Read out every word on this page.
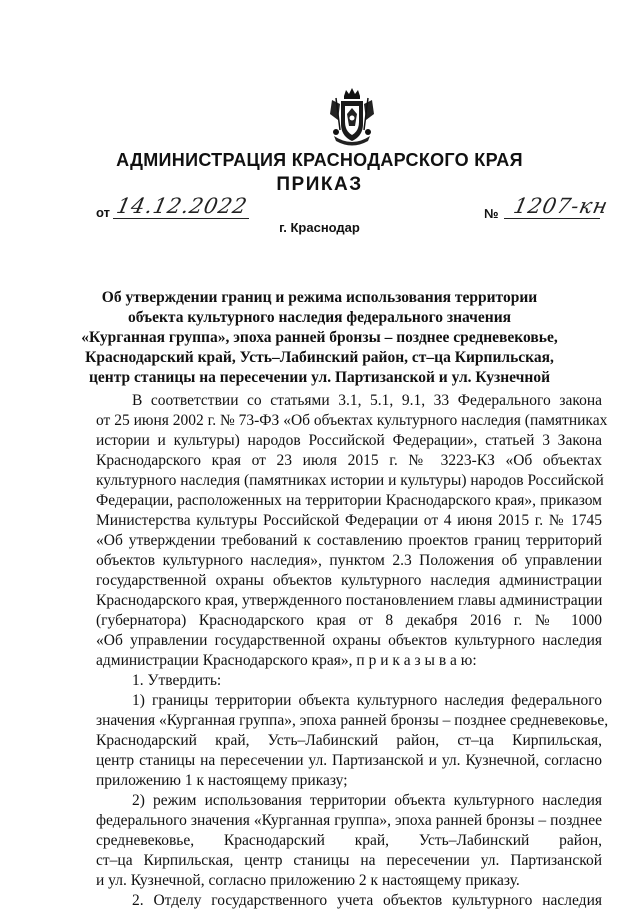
АДМИНИСТРАЦИЯ КРАСНОДАРСКОГО КРАЯ
ПРИКАЗ
от 14.12.2022
г. Краснодар
№ 1207-кн
Об утверждении границ и режима использования территории
объекта культурного наследия федерального значения
«Курганная группа», эпоха ранней бронзы – позднее средневековье,
Краснодарский край, Усть–Лабинский район, ст–ца Кирпильская,
центр станицы на пересечении ул. Партизанской и ул. Кузнечной
В соответствии со статьями 3.1, 5.1, 9.1, 33 Федерального закона
от 25 июня 2002 г. № 73-ФЗ «Об объектах культурного наследия (памятниках
истории и культуры) народов Российской Федерации», статьей 3 Закона
Краснодарского края от 23 июля 2015 г. № 3223-КЗ «Об объектах
культурного наследия (памятниках истории и культуры) народов Российской
Федерации, расположенных на территории Краснодарского края», приказом
Министерства культуры Российской Федерации от 4 июня 2015 г. № 1745
«Об утверждении требований к составлению проектов границ территорий
объектов культурного наследия», пунктом 2.3 Положения об управлении
государственной охраны объектов культурного наследия администрации
Краснодарского края, утвержденного постановлением главы администрации
(губернатора) Краснодарского края от 8 декабря 2016 г. № 1000
«Об управлении государственной охраны объектов культурного наследия
администрации Краснодарского края», п р и к а з ы в а ю:
1. Утвердить:
1) границы территории объекта культурного наследия федерального
значения «Курганная группа», эпоха ранней бронзы – позднее средневековье,
Краснодарский край, Усть–Лабинский район, ст–ца Кирпильская,
центр станицы на пересечении ул. Партизанской и ул. Кузнечной, согласно
приложению 1 к настоящему приказу;
2) режим использования территории объекта культурного наследия
федерального значения «Курганная группа», эпоха ранней бронзы – позднее
средневековье, Краснодарский край, Усть–Лабинский район,
ст–ца Кирпильская, центр станицы на пересечении ул. Партизанской
и ул. Кузнечной, согласно приложению 2 к настоящему приказу.
2. Отделу государственного учета объектов культурного наследия
